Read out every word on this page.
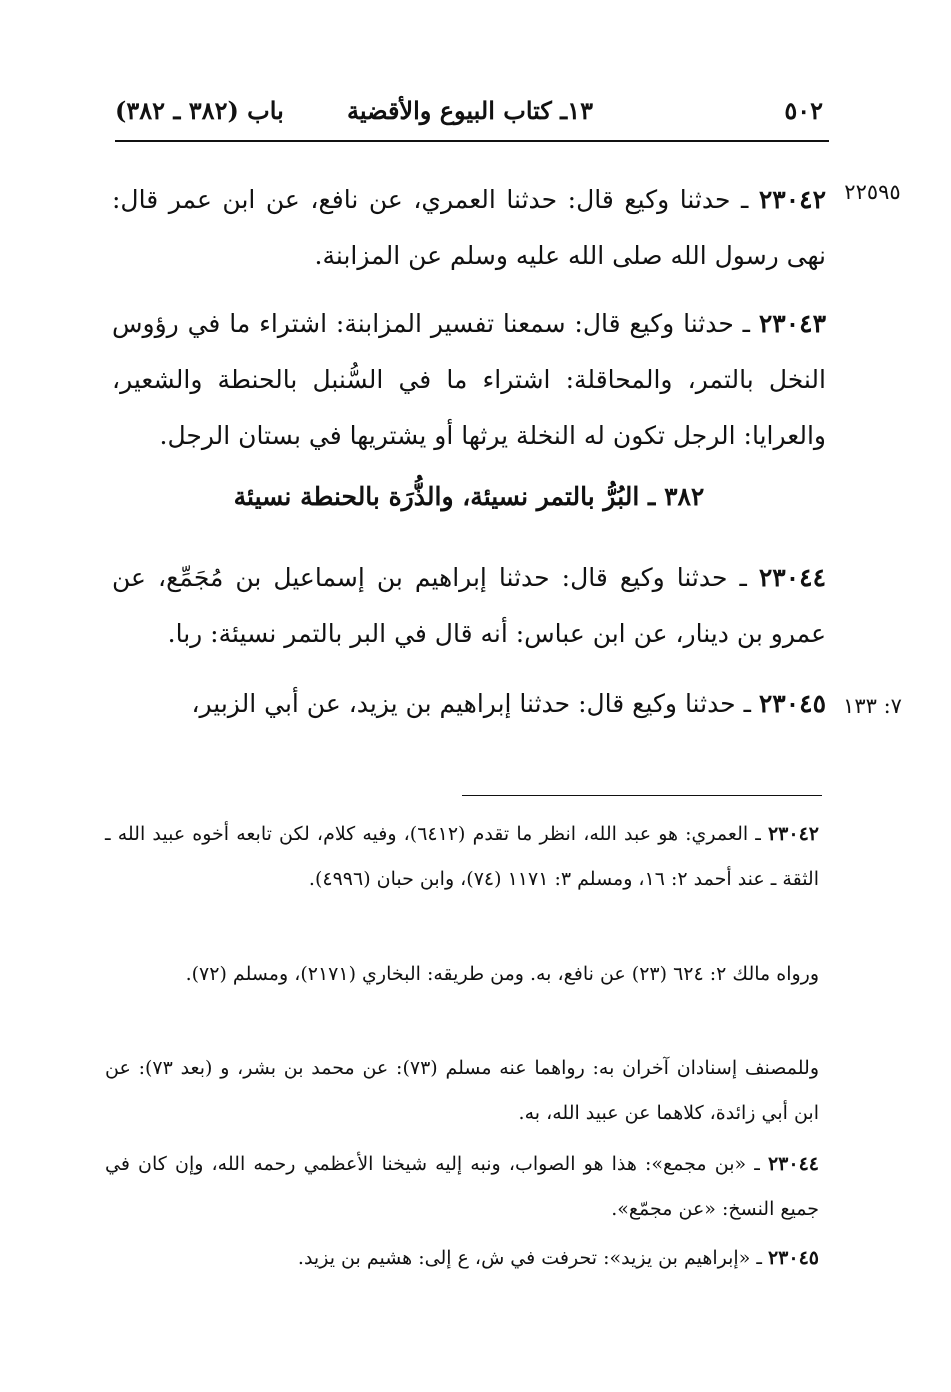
٥٠٢
١٣ـ كتاب البيوع والأقضية
باب (٣٨٢ ـ ٣٨٢)
٢٢٥٩٥
٢٣٠٤٢ ـ حدثنا وكيع قال: حدثنا العمري، عن نافع، عن ابن عمر قال: نهى رسول الله صلى الله عليه وسلم عن المزابنة.
٢٣٠٤٣ ـ حدثنا وكيع قال: سمعنا تفسير المزابنة: اشتراء ما في رؤوس النخل بالتمر، والمحاقلة: اشتراء ما في السُّنبل بالحنطة والشعير، والعرايا: الرجل تكون له النخلة يرثها أو يشتريها في بستان الرجل.
٣٨٢ ـ البُرُّ بالتمر نسيئة، والذُّرَة بالحنطة نسيئة
٢٣٠٤٤ ـ حدثنا وكيع قال: حدثنا إبراهيم بن إسماعيل بن مُجَمِّع، عن عمرو بن دينار، عن ابن عباس: أنه قال في البر بالتمر نسيئة: ربا.
٧: ١٣٣
٢٣٠٤٥ ـ حدثنا وكيع قال: حدثنا إبراهيم بن يزيد، عن أبي الزبير،
٢٣٠٤٢ ـ العمري: هو عبد الله، انظر ما تقدم (٦٤١٢)، وفيه كلام، لكن تابعه أخوه عبيد الله ـ الثقة ـ عند أحمد ٢: ١٦، ومسلم ٣: ١١٧١ (٧٤)، وابن حبان (٤٩٩٦).
ورواه مالك ٢: ٦٢٤ (٢٣) عن نافع، به. ومن طريقه: البخاري (٢١٧١)، ومسلم (٧٢).
وللمصنف إسنادان آخران به: رواهما عنه مسلم (٧٣): عن محمد بن بشر، و (بعد ٧٣): عن ابن أبي زائدة، كلاهما عن عبيد الله، به.
٢٣٠٤٤ ـ «بن مجمع»: هذا هو الصواب، ونبه إليه شيخنا الأعظمي رحمه الله، وإن كان في جميع النسخ: «عن مجمّع».
٢٣٠٤٥ ـ «إبراهيم بن يزيد»: تحرفت في ش، ع إلى: هشيم بن يزيد.
